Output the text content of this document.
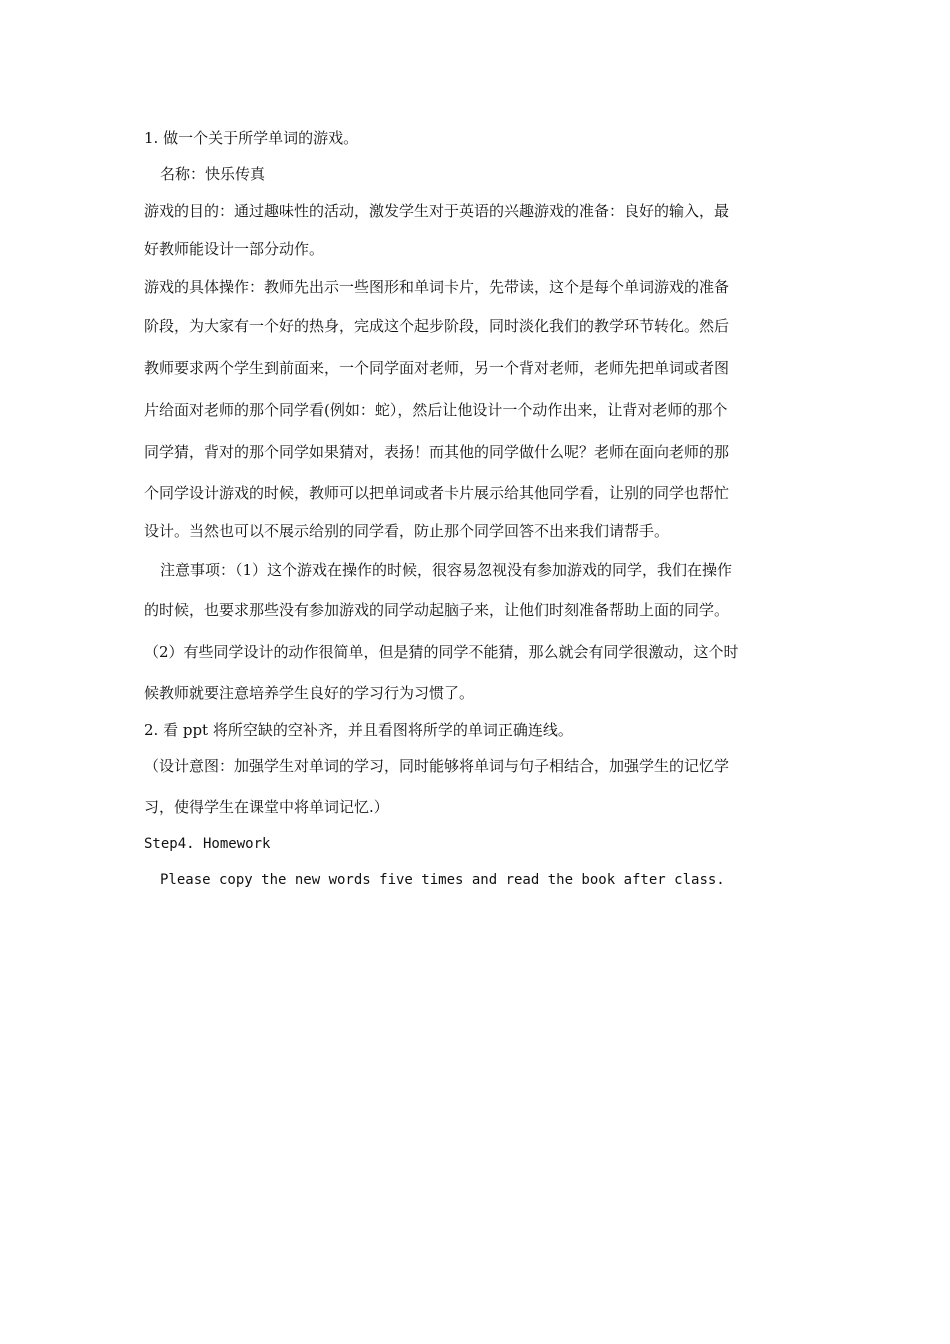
1. 做一个关于所学单词的游戏。
名称：快乐传真
游戏的目的：通过趣味性的活动，激发学生对于英语的兴趣游戏的准备：良好的输入，最
好教师能设计一部分动作。
游戏的具体操作：教师先出示一些图形和单词卡片，先带读，这个是每个单词游戏的准备
阶段，为大家有一个好的热身，完成这个起步阶段，同时淡化我们的教学环节转化。然后
教师要求两个学生到前面来，一个同学面对老师，另一个背对老师，老师先把单词或者图
片给面对老师的那个同学看(例如：蛇），然后让他设计一个动作出来，让背对老师的那个
同学猜，背对的那个同学如果猜对，表扬！而其他的同学做什么呢？老师在面向老师的那
个同学设计游戏的时候，教师可以把单词或者卡片展示给其他同学看，让别的同学也帮忙
设计。当然也可以不展示给别的同学看，防止那个同学回答不出来我们请帮手。
注意事项：（1）这个游戏在操作的时候，很容易忽视没有参加游戏的同学，我们在操作
的时候，也要求那些没有参加游戏的同学动起脑子来，让他们时刻准备帮助上面的同学。
（2）有些同学设计的动作很简单，但是猜的同学不能猜，那么就会有同学很激动，这个时
候教师就要注意培养学生良好的学习行为习惯了。
2. 看 ppt 将所空缺的空补齐，并且看图将所学的单词正确连线。
（设计意图：加强学生对单词的学习，同时能够将单词与句子相结合，加强学生的记忆学
习，使得学生在课堂中将单词记忆.）
Step4. Homework
Please copy the new words five times and read the book after class.
